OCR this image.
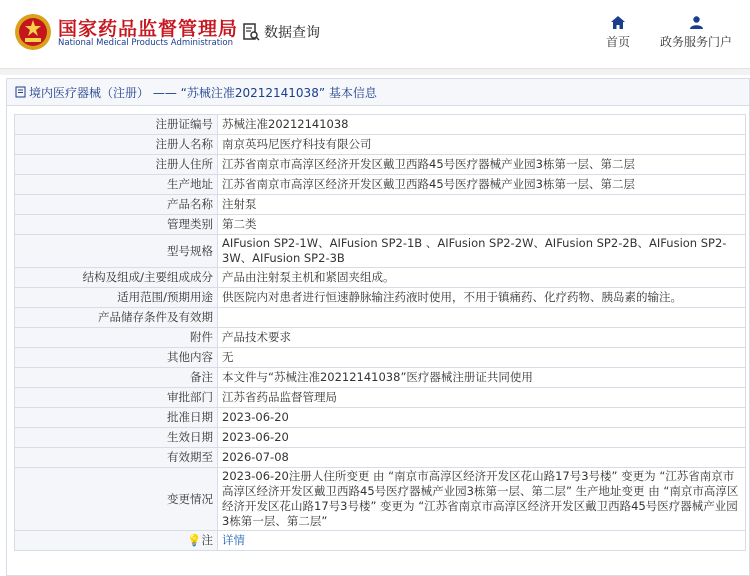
国家药品监督管理局
National Medical Products Administration
数据查询
首页	政务服务门户
境内医疗器械（注册） —— “苏械注准20212141038” 基本信息
注册证编号	苏械注准20212141038
注册人名称	南京英玛尼医疗科技有限公司
注册人住所	江苏省南京市高淳区经济开发区戴卫西路45号医疗器械产业园3栋第一层、第二层
生产地址	江苏省南京市高淳区经济开发区戴卫西路45号医疗器械产业园3栋第一层、第二层
产品名称	注射泵
管理类别	第二类
型号规格	AIFusion SP2-1W、AIFusion SP2-1B 、AIFusion SP2-2W、AIFusion SP2-2B、AIFusion SP2-3W、AIFusion SP2-3B
结构及组成/主要组成成分	产品由注射泵主机和紧固夹组成。
适用范围/预期用途	供医院内对患者进行恒速静脉输注药液时使用，不用于镇痛药、化疗药物、胰岛素的输注。
产品储存条件及有效期	
附件	产品技术要求
其他内容	无
备注	本文件与“苏械注准20212141038”医疗器械注册证共同使用
审批部门	江苏省药品监督管理局
批准日期	2023-06-20
生效日期	2023-06-20
有效期至	2026-07-08
变更情况	2023-06-20注册人住所变更 由 “南京市高淳区经济开发区花山路17号3号楼” 变更为 “江苏省南京市高淳区经济开发区戴卫西路45号医疗器械产业园3栋第一层、第二层” 生产地址变更 由 “南京市高淳区经济开发区花山路17号3号楼” 变更为 “江苏省南京市高淳区经济开发区戴卫西路45号医疗器械产业园3栋第一层、第二层”
💡注	详情
